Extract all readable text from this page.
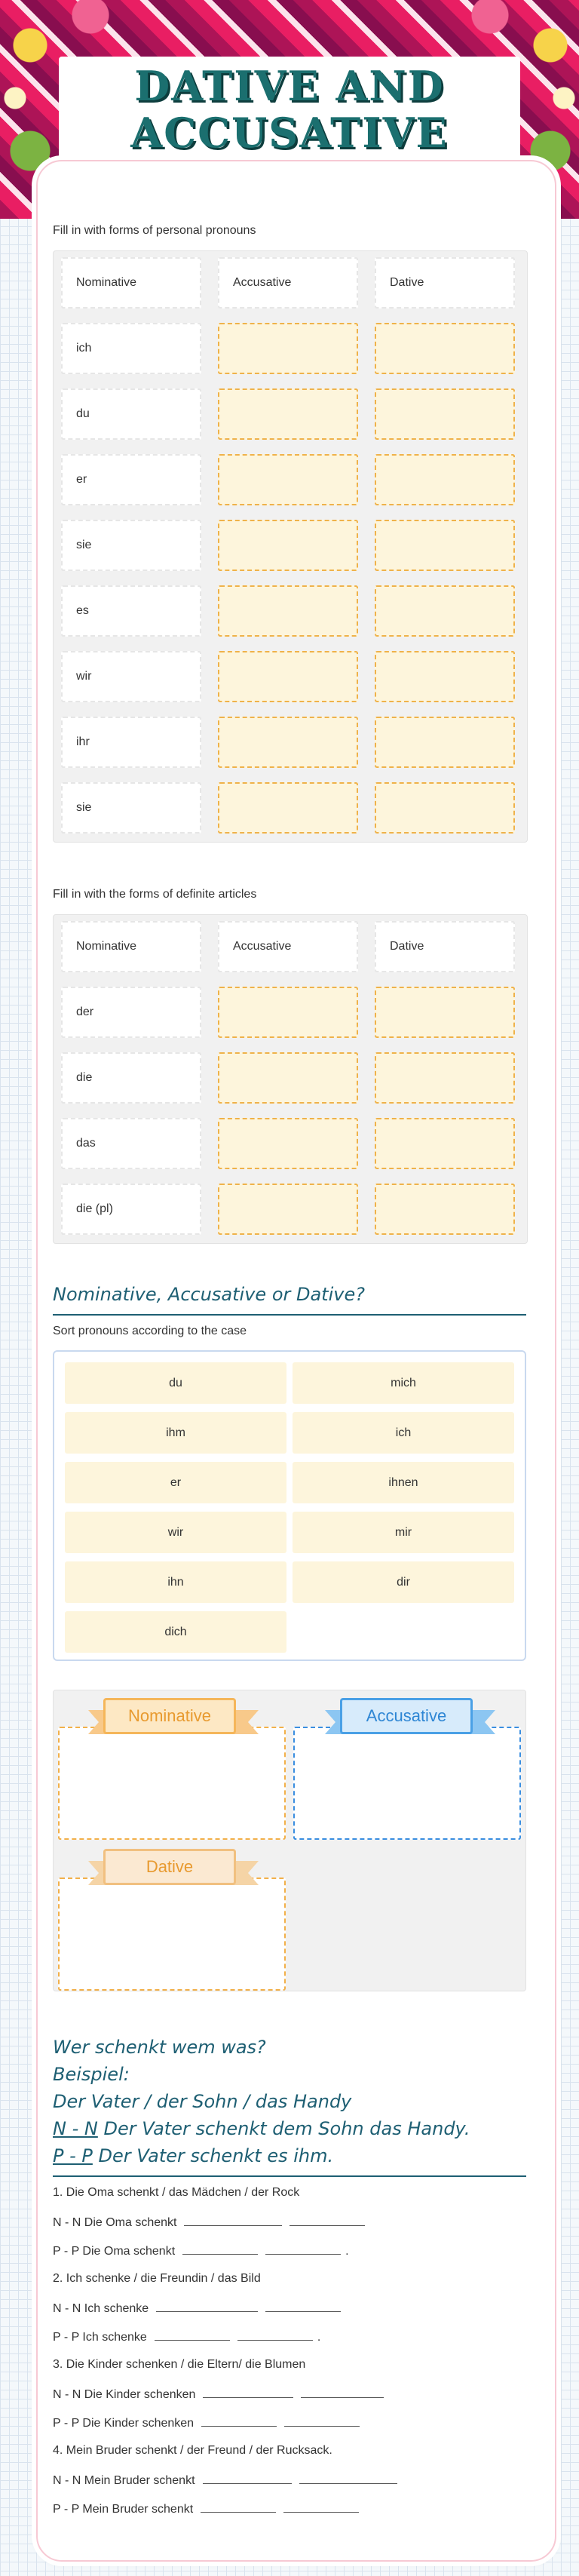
DATIVE AND
ACCUSATIVE
Fill in with forms of personal pronouns
Nominative	Accusative	Dative
ich
du
er
sie
es
wir
ihr
sie
Fill in with the forms of definite articles
Nominative	Accusative	Dative
der
die
das
die (pl)
Nominative, Accusative or Dative?
Sort pronouns according to the case
du	mich
ihm	ich
er	ihnen
wir	mir
ihn	dir
dich
Nominative	Accusative
Dative
Wer schenkt wem was?
Beispiel:
Der Vater / der Sohn / das Handy
N - N Der Vater schenkt dem Sohn das Handy.
P - P Der Vater schenkt es ihm.
1. Die Oma schenkt / das Mädchen / der Rock
N - N Die Oma schenkt
P - P Die Oma schenkt	.
2. Ich schenke / die Freundin / das Bild
N - N Ich schenke
P - P Ich schenke	.
3. Die Kinder schenken / die Eltern/ die Blumen
N - N Die Kinder schenken
P - P Die Kinder schenken
4. Mein Bruder schenkt / der Freund / der Rucksack.
N - N Mein Bruder schenkt
P - P Mein Bruder schenkt
